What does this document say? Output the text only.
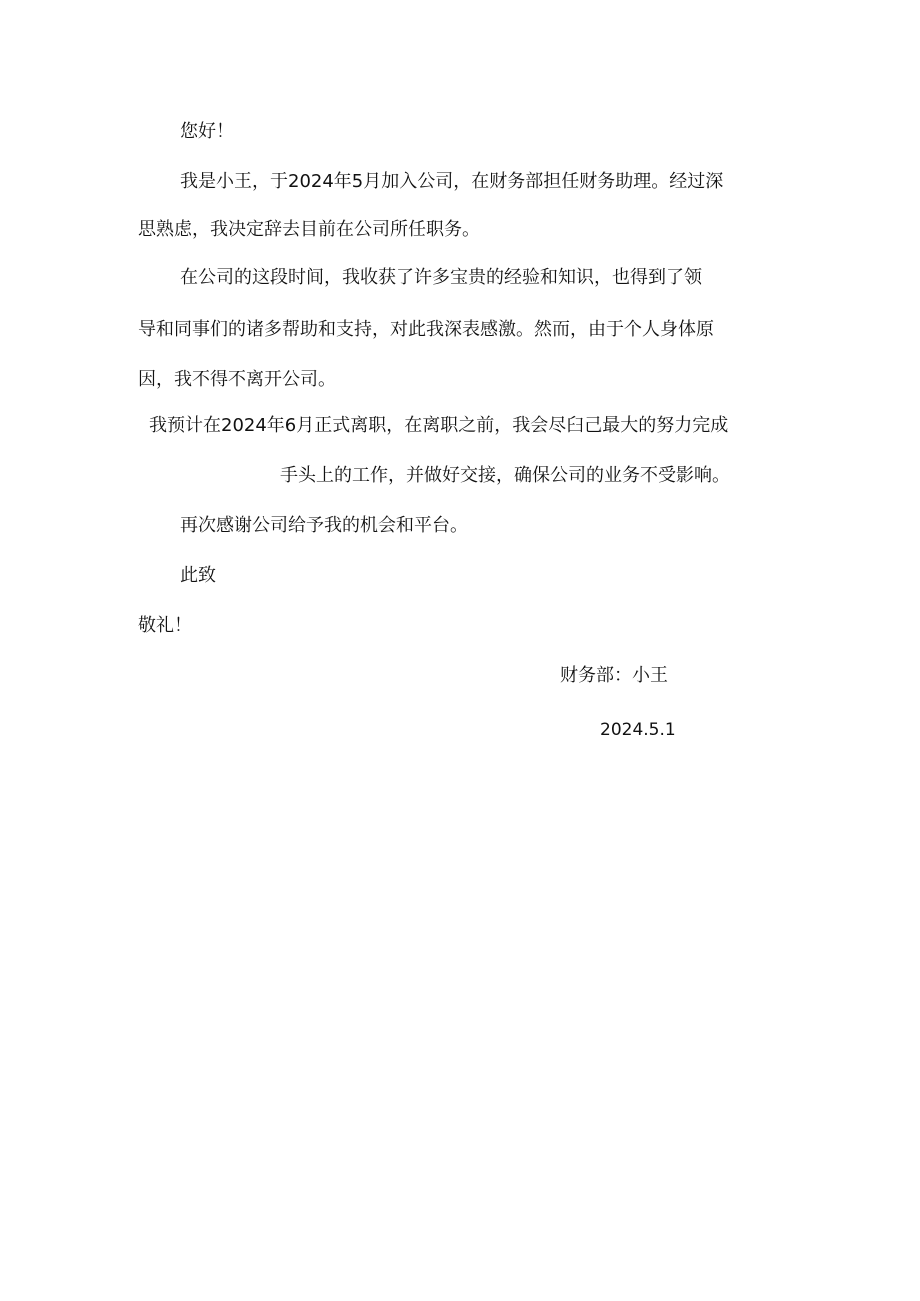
您好！
我是小王，于2024年5月加入公司，在财务部担任财务助理。经过深
思熟虑，我决定辞去目前在公司所任职务。
在公司的这段时间，我收获了许多宝贵的经验和知识，也得到了领
导和同事们的诸多帮助和支持，对此我深表感激。然而，由于个人身体原
因，我不得不离开公司。
我预计在2024年6月正式离职，在离职之前，我会尽臼己最大的努力完成
手头上的工作，并做好交接，确保公司的业务不受影响。
再次感谢公司给予我的机会和平台。
此致
敬礼！
财务部：小王
2024.5.1
